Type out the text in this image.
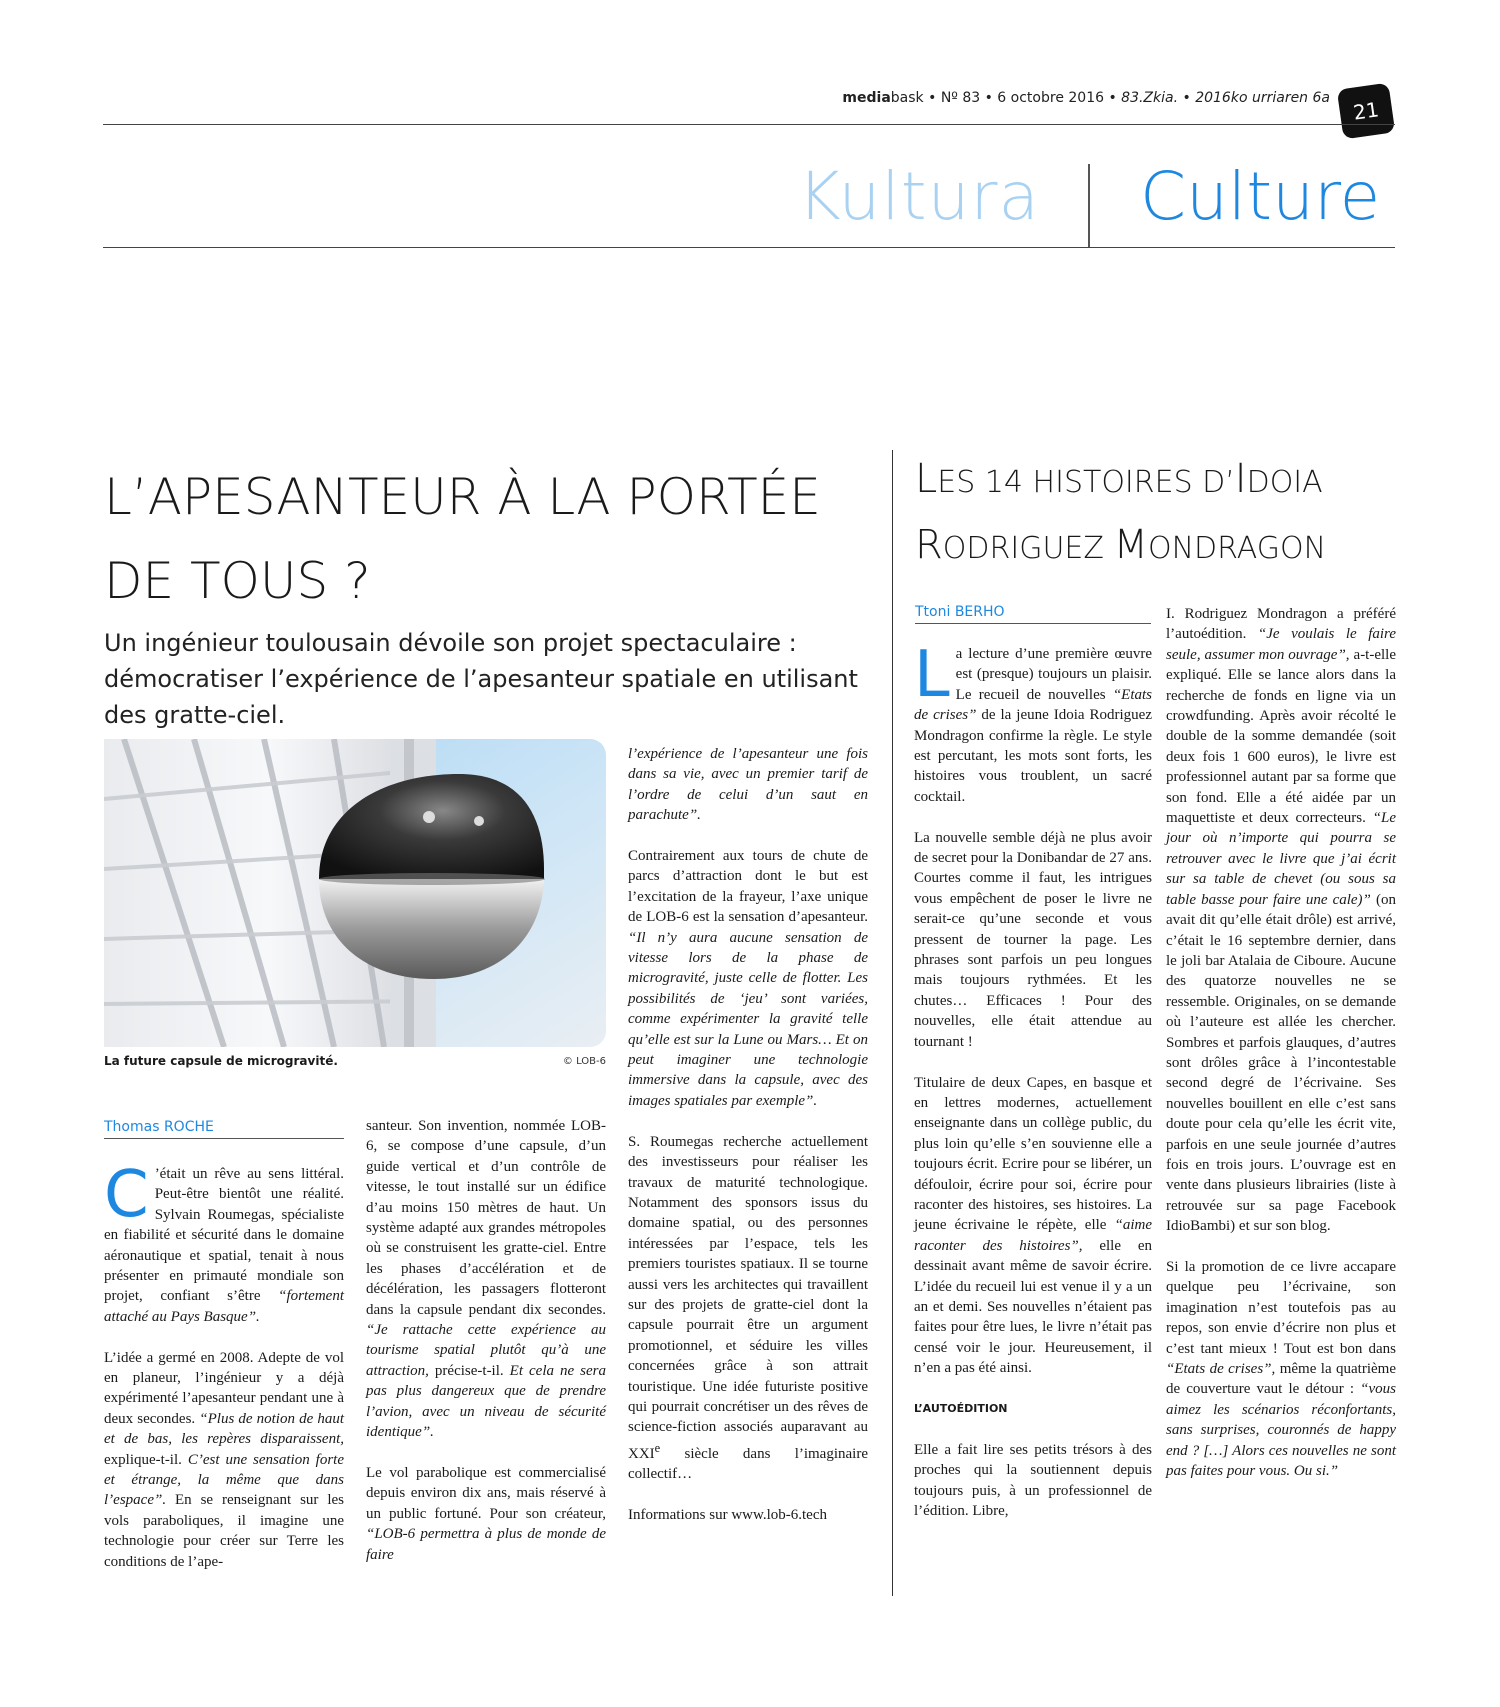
mediabask • Nº 83 • 6 octobre 2016 • 83.Zkia. • 2016ko urriaren 6a	21
Kultura Culture
L’APESANTEUR À LA PORTÉE DE TOUS ?
Un ingénieur toulousain dévoile son projet spectaculaire : démocratiser l’expérience de l’apesanteur spatiale en utilisant des gratte-ciel.
La future capsule de microgravité.	© LOB-6
Thomas ROCHE

C ’était un rêve au sens littéral. Peut-être bientôt une réalité. Sylvain Roumegas, spécialiste en fiabilité et sécurité dans le domaine aéronautique et spatial, tenait à nous présenter en primauté mondiale son projet, confiant s’être “fortement attaché au Pays Basque”.

L’idée a germé en 2008. Adepte de vol en planeur, l’ingénieur y a déjà expérimenté l’apesanteur pendant une à deux secondes. “Plus de notion de haut et de bas, les repères disparaissent, explique-t-il. C’est une sensation forte et étrange, la même que dans l’espace”. En se renseignant sur les vols paraboliques, il imagine une technologie pour créer sur Terre les conditions de l’ape-

santeur. Son invention, nommée LOB-6, se compose d’une capsule, d’un guide vertical et d’un contrôle de vitesse, le tout installé sur un édifice d’au moins 150 mètres de haut. Un système adapté aux grandes métropoles où se construisent les gratte-ciel. Entre les phases d’accélération et de décélération, les passagers flotteront dans la capsule pendant dix secondes. “Je rattache cette expérience au tourisme spatial plutôt qu’à une attraction, précise-t-il. Et cela ne sera pas plus dangereux que de prendre l’avion, avec un niveau de sécurité identique”.

Le vol parabolique est commercialisé depuis environ dix ans, mais réservé à un public fortuné. Pour son créateur, “LOB-6 permettra à plus de monde de faire

l’expérience de l’apesanteur une fois dans sa vie, avec un premier tarif de l’ordre de celui d’un saut en parachute”.

Contrairement aux tours de chute de parcs d’attraction dont le but est l’excitation de la frayeur, l’axe unique de LOB-6 est la sensation d’apesanteur. “Il n’y aura aucune sensation de vitesse lors de la phase de microgravité, juste celle de flotter. Les possibilités de ‘jeu’ sont variées, comme expérimenter la gravité telle qu’elle est sur la Lune ou Mars… Et on peut imaginer une technologie immersive dans la capsule, avec des images spatiales par exemple”.

S. Roumegas recherche actuellement des investisseurs pour réaliser les travaux de maturité technologique. Notamment des sponsors issus du domaine spatial, ou des personnes intéressées par l’espace, tels les premiers touristes spatiaux. Il se tourne aussi vers les architectes qui travaillent sur des projets de gratte-ciel dont la capsule pourrait être un argument promotionnel, et séduire les villes concernées grâce à son attrait touristique. Une idée futuriste positive qui pourrait concrétiser un des rêves de science-fiction associés auparavant au XXIe siècle dans l’imaginaire collectif…

Informations sur www.lob-6.tech

LES 14 HISTOIRES D’IDOIA
RODRIGUEZ MONDRAGON
Ttoni BERHO

La lecture d’une première œuvre est (presque) toujours un plaisir. Le recueil de nouvelles “Etats de crises” de la jeune Idoia Rodriguez Mondragon confirme la règle. Le style est percutant, les mots sont forts, les histoires vous troublent, un sacré cocktail.

La nouvelle semble déjà ne plus avoir de secret pour la Donibandar de 27 ans. Courtes comme il faut, les intrigues vous empêchent de poser le livre ne serait-ce qu’une seconde et vous pressent de tourner la page. Les phrases sont parfois un peu longues mais toujours rythmées. Et les chutes… Efficaces ! Pour des nouvelles, elle était attendue au tournant !

Titulaire de deux Capes, en basque et en lettres modernes, actuellement enseignante dans un collège public, du plus loin qu’elle s’en souvienne elle a toujours écrit. Ecrire pour se libérer, un défouloir, écrire pour soi, écrire pour raconter des histoires, ses histoires. La jeune écrivaine le répète, elle “aime raconter des histoires”, elle en dessinait avant même de savoir écrire. L’idée du recueil lui est venue il y a un an et demi. Ses nouvelles n’étaient pas faites pour être lues, le livre n’était pas censé voir le jour. Heureusement, il n’en a pas été ainsi.

L’AUTOÉDITION

Elle a fait lire ses petits trésors à des proches qui la soutiennent depuis toujours puis, à un professionnel de l’édition. Libre,

I. Rodriguez Mondragon a préféré l’autoédition. “Je voulais le faire seule, assumer mon ouvrage”, a-t-elle expliqué. Elle se lance alors dans la recherche de fonds en ligne via un crowdfunding. Après avoir récolté le double de la somme demandée (soit deux fois 1 600 euros), le livre est professionnel autant par sa forme que son fond. Elle a été aidée par un maquettiste et deux correcteurs. “Le jour où n’importe qui pourra se retrouver avec le livre que j’ai écrit sur sa table de chevet (ou sous sa table basse pour faire une cale)” (on avait dit qu’elle était drôle) est arrivé, c’était le 16 septembre dernier, dans le joli bar Atalaia de Ciboure. Aucune des quatorze nouvelles ne se ressemble. Originales, on se demande où l’auteure est allée les chercher. Sombres et parfois glauques, d’autres sont drôles grâce à l’incontestable second degré de l’écrivaine. Ses nouvelles bouillent en elle c’est sans doute pour cela qu’elle les écrit vite, parfois en une seule journée d’autres fois en trois jours. L’ouvrage est en vente dans plusieurs librairies (liste à retrouvée sur sa page Facebook IdioBambi) et sur son blog.

Si la promotion de ce livre accapare quelque peu l’écrivaine, son imagination n’est toutefois pas au repos, son envie d’écrire non plus et c’est tant mieux ! Tout est bon dans “Etats de crises”, même la quatrième de couverture vaut le détour : “vous aimez les scénarios réconfortants, sans surprises, couronnés de happy end ? […] Alors ces nouvelles ne sont pas faites pour vous. Ou si.”
